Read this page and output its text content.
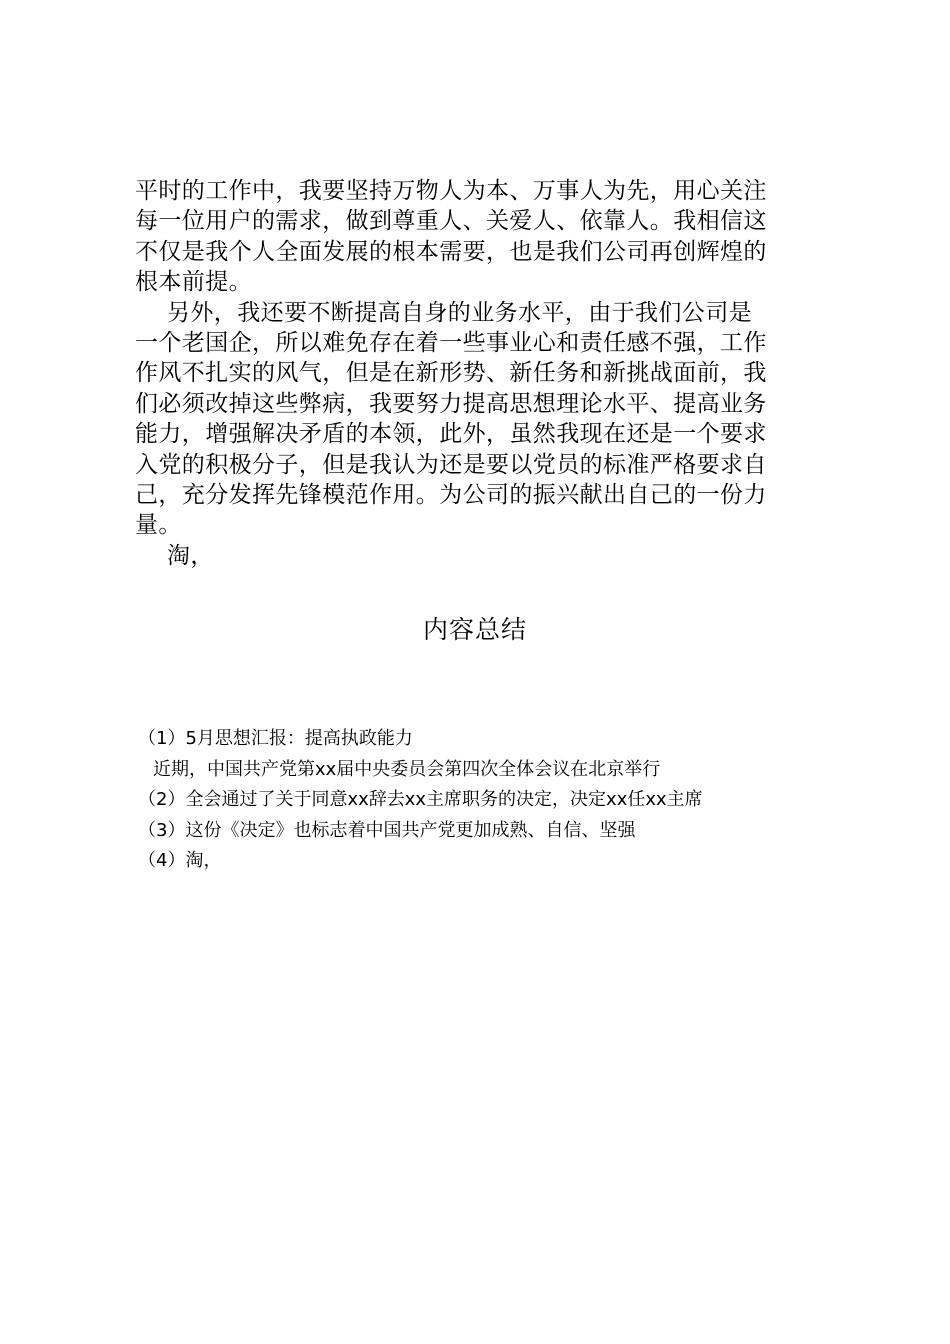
平时的工作中，我要坚持万物人为本、万事人为先，用心关注
每一位用户的需求，做到尊重人、关爱人、依靠人。我相信这
不仅是我个人全面发展的根本需要，也是我们公司再创辉煌的
根本前提。
另外，我还要不断提高自身的业务水平，由于我们公司是
一个老国企，所以难免存在着一些事业心和责任感不强，工作
作风不扎实的风气，但是在新形势、新任务和新挑战面前，我
们必须改掉这些弊病，我要努力提高思想理论水平、提高业务
能力，增强解决矛盾的本领，此外，虽然我现在还是一个要求
入党的积极分子，但是我认为还是要以党员的标准严格要求自
己，充分发挥先锋模范作用。为公司的振兴献出自己的一份力
量。
淘，
内容总结
（1）5月思想汇报：提高执政能力
近期，中国共产党第xx届中央委员会第四次全体会议在北京举行
（2）全会通过了关于同意xx辞去xx主席职务的决定，决定xx任xx主席
（3）这份《决定》也标志着中国共产党更加成熟、自信、坚强
（4）淘，
